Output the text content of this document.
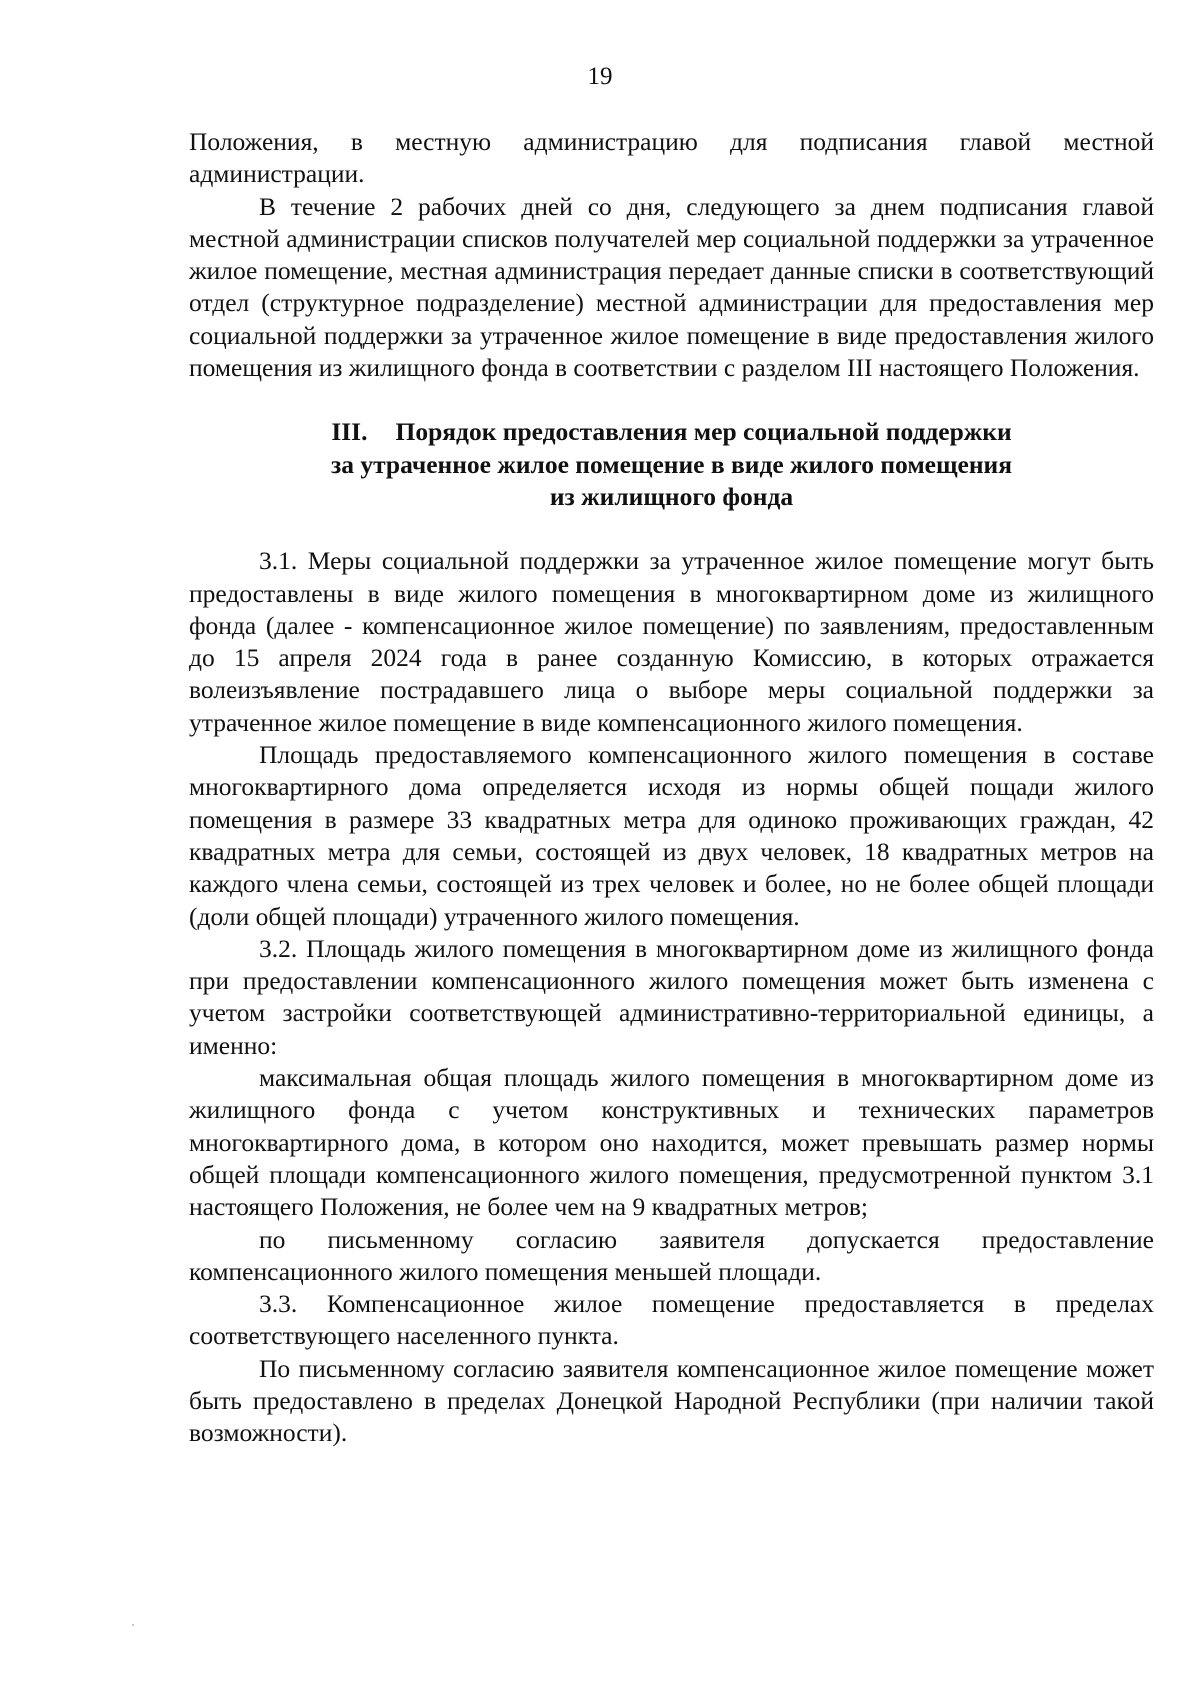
19

Положения, в местную администрацию для подписания главой местной администрации.

В течение 2 рабочих дней со дня, следующего за днем подписания главой местной администрации списков получателей мер социальной поддержки за утраченное жилое помещение, местная администрация передает данные списки в соответствующий отдел (структурное подразделение) местной администрации для предоставления мер социальной поддержки за утраченное жилое помещение в виде предоставления жилого помещения из жилищного фонда в соответствии с разделом III настоящего Положения.

III. Порядок предоставления мер социальной поддержки
за утраченное жилое помещение в виде жилого помещения
из жилищного фонда

3.1. Меры социальной поддержки за утраченное жилое помещение могут быть предоставлены в виде жилого помещения в многоквартирном доме из жилищного фонда (далее - компенсационное жилое помещение) по заявлениям, предоставленным до 15 апреля 2024 года в ранее созданную Комиссию, в которых отражается волеизъявление пострадавшего лица о выборе меры социальной поддержки за утраченное жилое помещение в виде компенсационного жилого помещения.

Площадь предоставляемого компенсационного жилого помещения в составе многоквартирного дома определяется исходя из нормы общей пощади жилого помещения в размере 33 квадратных метра для одиноко проживающих граждан, 42 квадратных метра для семьи, состоящей из двух человек, 18 квадратных метров на каждого члена семьи, состоящей из трех человек и более, но не более общей площади (доли общей площади) утраченного жилого помещения.

3.2. Площадь жилого помещения в многоквартирном доме из жилищного фонда при предоставлении компенсационного жилого помещения может быть изменена с учетом застройки соответствующей административно-территориальной единицы, а именно:

максимальная общая площадь жилого помещения в многоквартирном доме из жилищного фонда с учетом конструктивных и технических параметров многоквартирного дома, в котором оно находится, может превышать размер нормы общей площади компенсационного жилого помещения, предусмотренной пунктом 3.1 настоящего Положения, не более чем на 9 квадратных метров;

по письменному согласию заявителя допускается предоставление компенсационного жилого помещения меньшей площади.

3.3. Компенсационное жилое помещение предоставляется в пределах соответствующего населенного пункта.

По письменному согласию заявителя компенсационное жилое помещение может быть предоставлено в пределах Донецкой Народной Республики (при наличии такой возможности).
